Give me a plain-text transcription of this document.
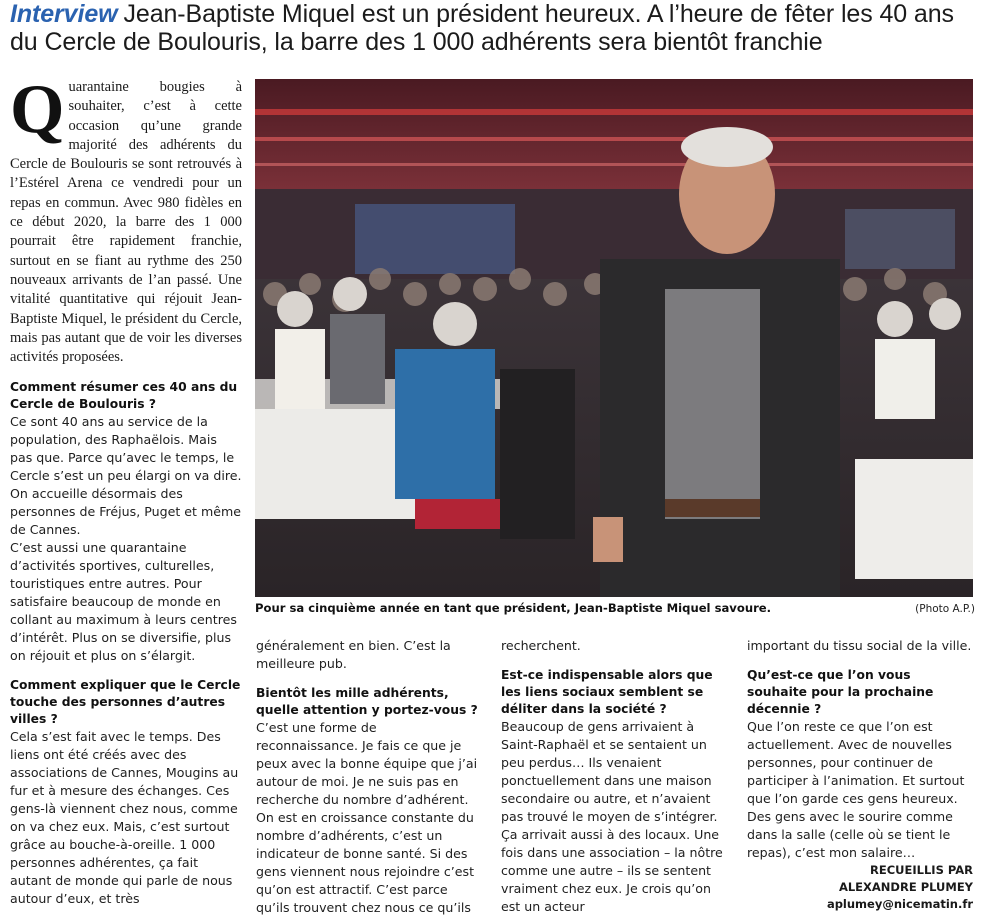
Interview Jean-Baptiste Miquel est un président heureux. A l’heure de fêter les 40 ans du Cercle de Boulouris, la barre des 1 000 adhérents sera bientôt franchie

Quarantaine bougies à souhaiter, c’est à cette occasion qu’une grande majorité des adhérents du Cercle de Boulouris se sont retrouvés à l’Estérel Arena ce vendredi pour un repas en commun. Avec 980 fidèles en ce début 2020, la barre des 1 000 pourrait être rapidement franchie, surtout en se fiant au rythme des 250 nouveaux arrivants de l’an passé. Une vitalité quantitative qui réjouit Jean-Baptiste Miquel, le président du Cercle, mais pas autant que de voir les diverses activités proposées.

Comment résumer ces 40 ans du Cercle de Boulouris ?

Ce sont 40 ans au service de la population, des Raphaëlois. Mais pas que. Parce qu’avec le temps, le Cercle s’est un peu élargi on va dire. On accueille désormais des personnes de Fréjus, Puget et même de Cannes.

C’est aussi une quarantaine d’activités sportives, culturelles, touristiques entre autres. Pour satisfaire beaucoup de monde en collant au maximum à leurs centres d’intérêt. Plus on se diversifie, plus on réjouit et plus on s’élargit.

Comment expliquer que le Cercle touche des personnes d’autres villes ?

Cela s’est fait avec le temps. Des liens ont été créés avec des associations de Cannes, Mougins au fur et à mesure des échanges. Ces gens-là viennent chez nous, comme on va chez eux. Mais, c’est surtout grâce au bouche-à-oreille. 1 000 personnes adhérentes, ça fait autant de monde qui parle de nous autour d’eux, et très

Pour sa cinquième année en tant que président, Jean-Baptiste Miquel savoure.	(Photo A.P.)

généralement en bien. C’est la meilleure pub.

Bientôt les mille adhérents, quelle attention y portez-vous ?

C’est une forme de reconnaissance. Je fais ce que je peux avec la bonne équipe que j’ai autour de moi. Je ne suis pas en recherche du nombre d’adhérent. On est en croissance constante du nombre d’adhérents, c’est un indicateur de bonne santé. Si des gens viennent nous rejoindre c’est qu’on est attractif. C’est parce qu’ils trouvent chez nous ce qu’ils

recherchent.

Est-ce indispensable alors que les liens sociaux semblent se déliter dans la société ?

Beaucoup de gens arrivaient à Saint-Raphaël et se sentaient un peu perdus… Ils venaient ponctuellement dans une maison secondaire ou autre, et n’avaient pas trouvé le moyen de s’intégrer. Ça arrivait aussi à des locaux. Une fois dans une association – la nôtre comme une autre – ils se sentent vraiment chez eux. Je crois qu’on est un acteur

important du tissu social de la ville.

Qu’est-ce que l’on vous souhaite pour la prochaine décennie ?

Que l’on reste ce que l’on est actuellement. Avec de nouvelles personnes, pour continuer de participer à l’animation. Et surtout que l’on garde ces gens heureux. Des gens avec le sourire comme dans la salle (celle où se tient le repas), c’est mon salaire…

RECUEILLIS PAR

ALEXANDRE PLUMEY

aplumey@nicematin.fr
